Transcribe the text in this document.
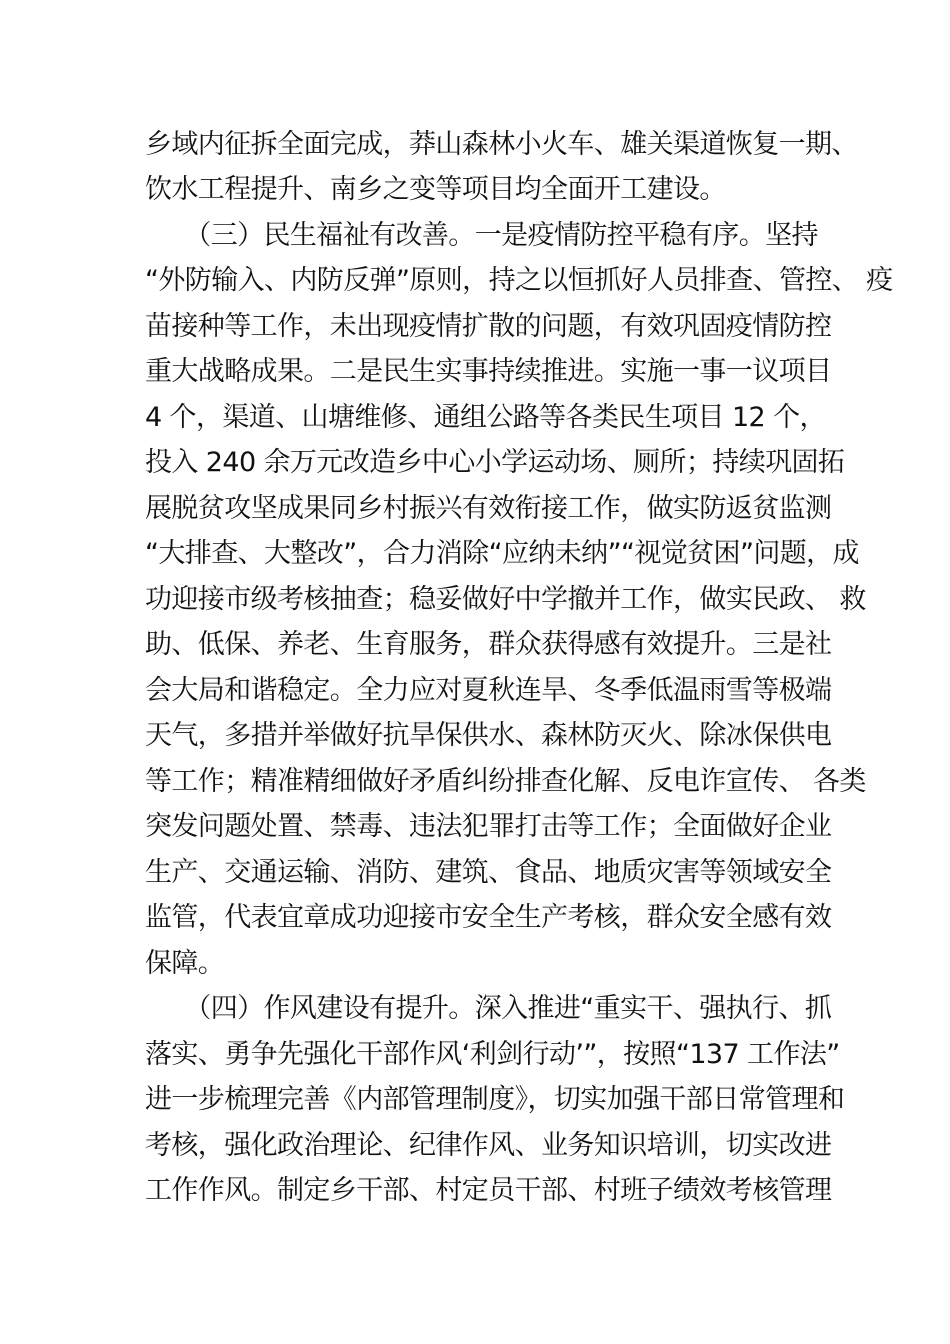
乡域内征拆全面完成，莽山森林小火车、雄关渠道恢复一期、
饮水工程提升、南乡之变等项目均全面开工建设。
　　（三）民生福祉有改善。一是疫情防控平稳有序。坚持
“外防输入、内防反弹”原则，持之以恒抓好人员排查、管控、 疫
苗接种等工作，未出现疫情扩散的问题，有效巩固疫情防控
重大战略成果。二是民生实事持续推进。实施一事一议项目
4 个，渠道、山塘维修、通组公路等各类民生项目 12 个，
投入 240 余万元改造乡中心小学运动场、厕所；持续巩固拓
展脱贫攻坚成果同乡村振兴有效衔接工作，做实防返贫监测
“大排查、大整改”，合力消除“应纳未纳”“视觉贫困”问题，成
功迎接市级考核抽查；稳妥做好中学撤并工作，做实民政、 救
助、低保、养老、生育服务，群众获得感有效提升。三是社
会大局和谐稳定。全力应对夏秋连旱、冬季低温雨雪等极端
天气，多措并举做好抗旱保供水、森林防灭火、除冰保供电
等工作；精准精细做好矛盾纠纷排查化解、反电诈宣传、 各类
突发问题处置、禁毒、违法犯罪打击等工作；全面做好企业
生产、交通运输、消防、建筑、食品、地质灾害等领域安全
监管，代表宜章成功迎接市安全生产考核，群众安全感有效
保障。
　　（四）作风建设有提升。深入推进“重实干、强执行、抓
落实、勇争先强化干部作风‘利剑行动’”，按照“137 工作法”
进一步梳理完善《内部管理制度》，切实加强干部日常管理和
考核，强化政治理论、纪律作风、业务知识培训，切实改进
工作作风。制定乡干部、村定员干部、村班子绩效考核管理
